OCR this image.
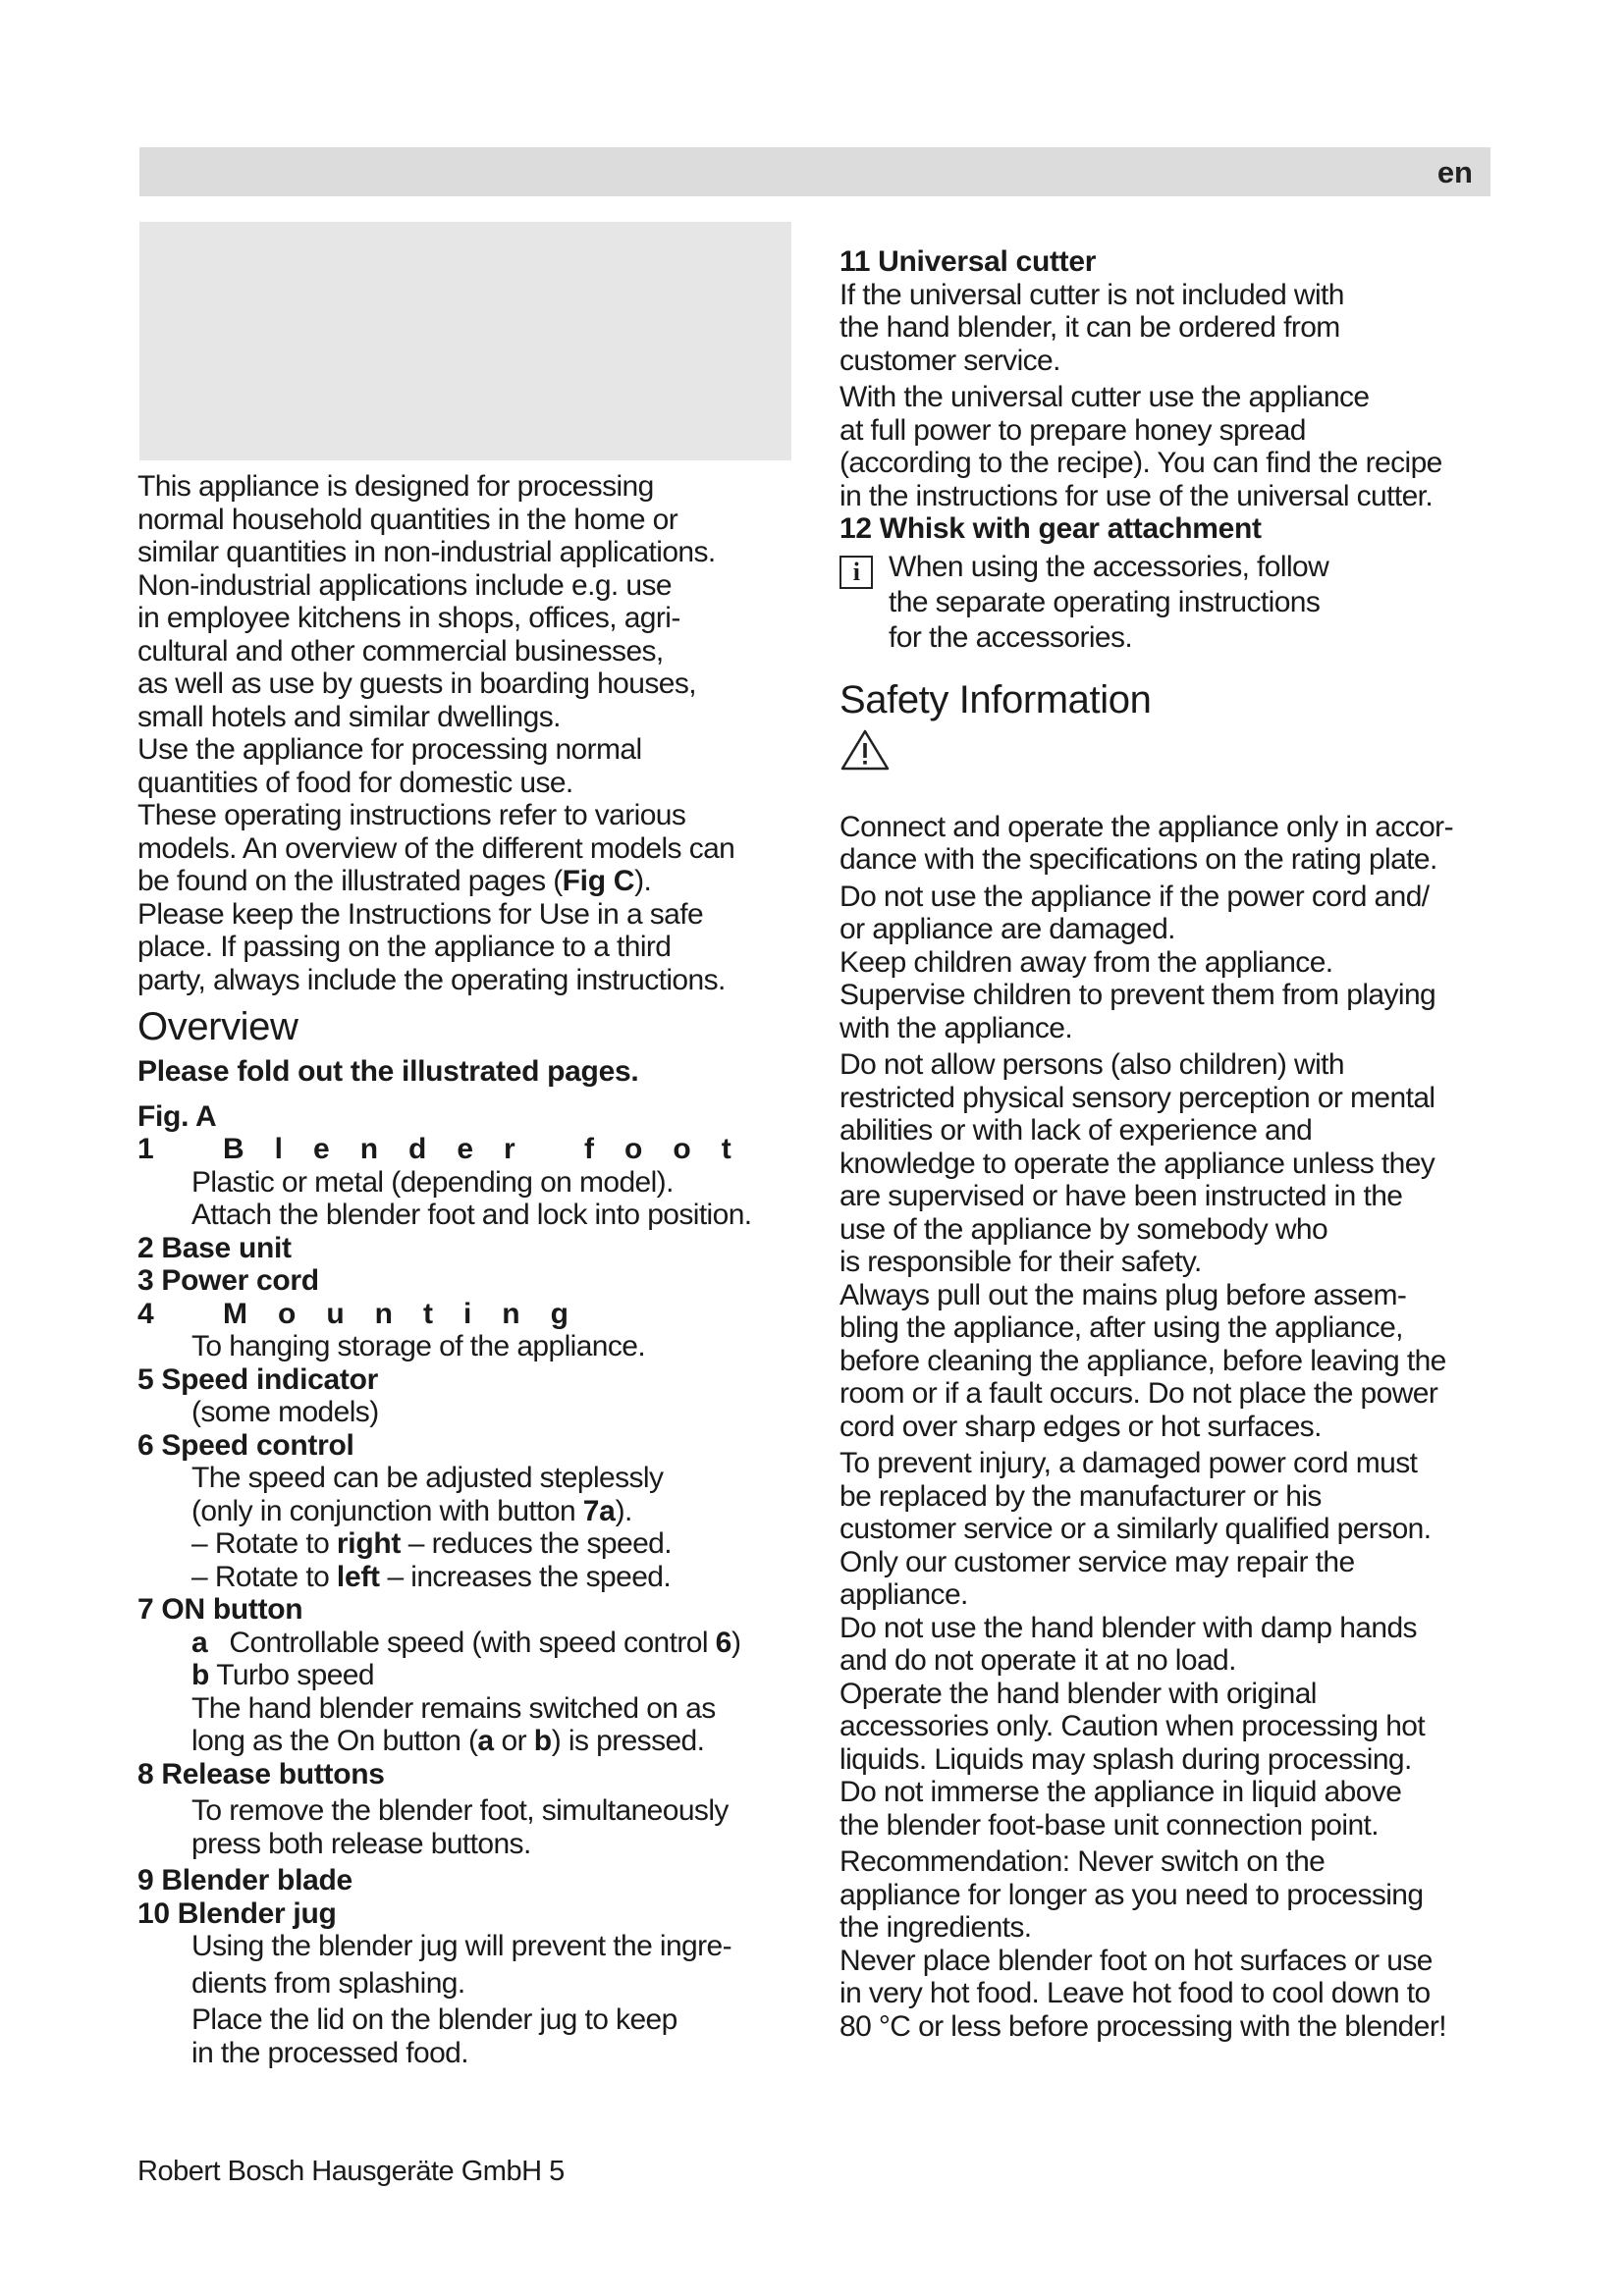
en

This appliance is designed for processing

normal household quantities in the home or

similar quantities in non-industrial applications.

Non-industrial applications include e.g. use

in employee kitchens in shops, offices, agri-

cultural and other commercial businesses,

as well as use by guests in boarding houses,

small hotels and similar dwellings.

Use the appliance for processing normal

quantities of food for domestic use.

These operating instructions refer to various

models. An overview of the different models can

be found on the illustrated pages (Fig C).

Please keep the Instructions for Use in a safe

place. If passing on the appliance to a third

party, always include the operating instructions.

Overview

Please fold out the illustrated pages.

Fig. A

1 Blender foot

Plastic or metal (depending on model).

Attach the blender foot and lock into position.

2 Base unit

3 Power cord

4 Mounting

To hanging storage of the appliance.

5 Speed indicator

(some models)

6 Speed control

The speed can be adjusted steplessly

(only in conjunction with button 7a).

– Rotate to right – reduces the speed.

– Rotate to left – increases the speed.

7 ON button

a Controllable speed (with speed control 6)

b Turbo speed

The hand blender remains switched on as

long as the On button (a or b) is pressed.

8 Release buttons

To remove the blender foot, simultaneously

press both release buttons.

9 Blender blade

10 Blender jug

Using the blender jug will prevent the ingre-

dients from splashing.

Place the lid on the blender jug to keep

in the processed food.

11 Universal cutter

If the universal cutter is not included with

the hand blender, it can be ordered from

customer service.

With the universal cutter use the appliance

at full power to prepare honey spread

(according to the recipe). You can find the recipe

in the instructions for use of the universal cutter.

12 Whisk with gear attachment

i When using the accessories, follow

the separate operating instructions

for the accessories.

Safety Information

Connect and operate the appliance only in accor-

dance with the specifications on the rating plate.

Do not use the appliance if the power cord and/

or appliance are damaged.

Keep children away from the appliance.

Supervise children to prevent them from playing

with the appliance.

Do not allow persons (also children) with

restricted physical sensory perception or mental

abilities or with lack of experience and

knowledge to operate the appliance unless they

are supervised or have been instructed in the

use of the appliance by somebody who

is responsible for their safety.

Always pull out the mains plug before assem-

bling the appliance, after using the appliance,

before cleaning the appliance, before leaving the

room or if a fault occurs. Do not place the power

cord over sharp edges or hot surfaces.

To prevent injury, a damaged power cord must

be replaced by the manufacturer or his

customer service or a similarly qualified person.

Only our customer service may repair the

appliance.

Do not use the hand blender with damp hands

and do not operate it at no load.

Operate the hand blender with original

accessories only. Caution when processing hot

liquids. Liquids may splash during processing.

Do not immerse the appliance in liquid above

the blender foot-base unit connection point.

Recommendation: Never switch on the

appliance for longer as you need to processing

the ingredients.

Never place blender foot on hot surfaces or use

in very hot food. Leave hot food to cool down to

80 °C or less before processing with the blender!

Robert Bosch Hausgeräte GmbH 5
